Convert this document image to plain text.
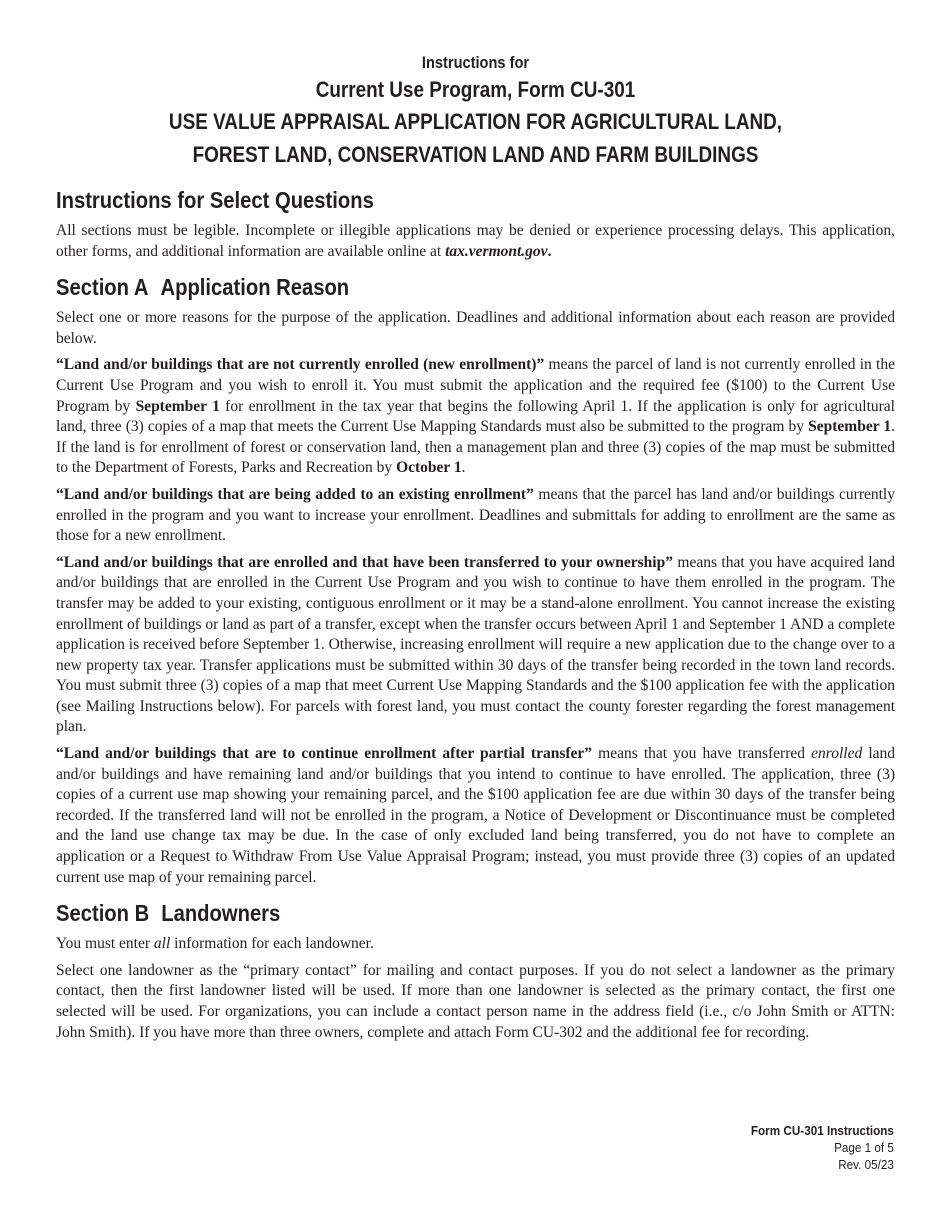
Instructions for
Current Use Program, Form CU-301
USE VALUE APPRAISAL APPLICATION FOR AGRICULTURAL LAND,
FOREST LAND, CONSERVATION LAND AND FARM BUILDINGS
Instructions for Select Questions

All sections must be legible. Incomplete or illegible applications may be denied or experience processing delays. This application, other forms, and additional information are available online at tax.vermont.gov.

Section A Application Reason

Select one or more reasons for the purpose of the application. Deadlines and additional information about each reason are provided below.

“Land and/or buildings that are not currently enrolled (new enrollment)” means the parcel of land is not currently enrolled in the Current Use Program and you wish to enroll it. You must submit the application and the required fee ($100) to the Current Use Program by September 1 for enrollment in the tax year that begins the following April 1. If the application is only for agricultural land, three (3) copies of a map that meets the Current Use Mapping Standards must also be submitted to the program by September 1. If the land is for enrollment of forest or conservation land, then a management plan and three (3) copies of the map must be submitted to the Department of Forests, Parks and Recreation by October 1.

“Land and/or buildings that are being added to an existing enrollment” means that the parcel has land and/or buildings currently enrolled in the program and you want to increase your enrollment. Deadlines and submittals for adding to enrollment are the same as those for a new enrollment.

“Land and/or buildings that are enrolled and that have been transferred to your ownership” means that you have acquired land and/or buildings that are enrolled in the Current Use Program and you wish to continue to have them enrolled in the program. The transfer may be added to your existing, contiguous enrollment or it may be a stand-alone enrollment. You cannot increase the existing enrollment of buildings or land as part of a transfer, except when the transfer occurs between April 1 and September 1 AND a complete application is received before September 1. Otherwise, increasing enrollment will require a new application due to the change over to a new property tax year. Transfer applications must be submitted within 30 days of the transfer being recorded in the town land records. You must submit three (3) copies of a map that meet Current Use Mapping Standards and the $100 application fee with the application (see Mailing Instructions below). For parcels with forest land, you must contact the county forester regarding the forest management plan.

“Land and/or buildings that are to continue enrollment after partial transfer” means that you have transferred enrolled land and/or buildings and have remaining land and/or buildings that you intend to continue to have enrolled. The application, three (3) copies of a current use map showing your remaining parcel, and the $100 application fee are due within 30 days of the transfer being recorded. If the transferred land will not be enrolled in the program, a Notice of Development or Discontinuance must be completed and the land use change tax may be due. In the case of only excluded land being transferred, you do not have to complete an application or a Request to Withdraw From Use Value Appraisal Program; instead, you must provide three (3) copies of an updated current use map of your remaining parcel.

Section B Landowners

You must enter all information for each landowner.

Select one landowner as the “primary contact” for mailing and contact purposes. If you do not select a landowner as the primary contact, then the first landowner listed will be used. If more than one landowner is selected as the primary contact, the first one selected will be used. For organizations, you can include a contact person name in the address field (i.e., c/o John Smith or ATTN: John Smith). If you have more than three owners, complete and attach Form CU-302 and the additional fee for recording.

Form CU-301 Instructions
Page 1 of 5
Rev. 05/23
